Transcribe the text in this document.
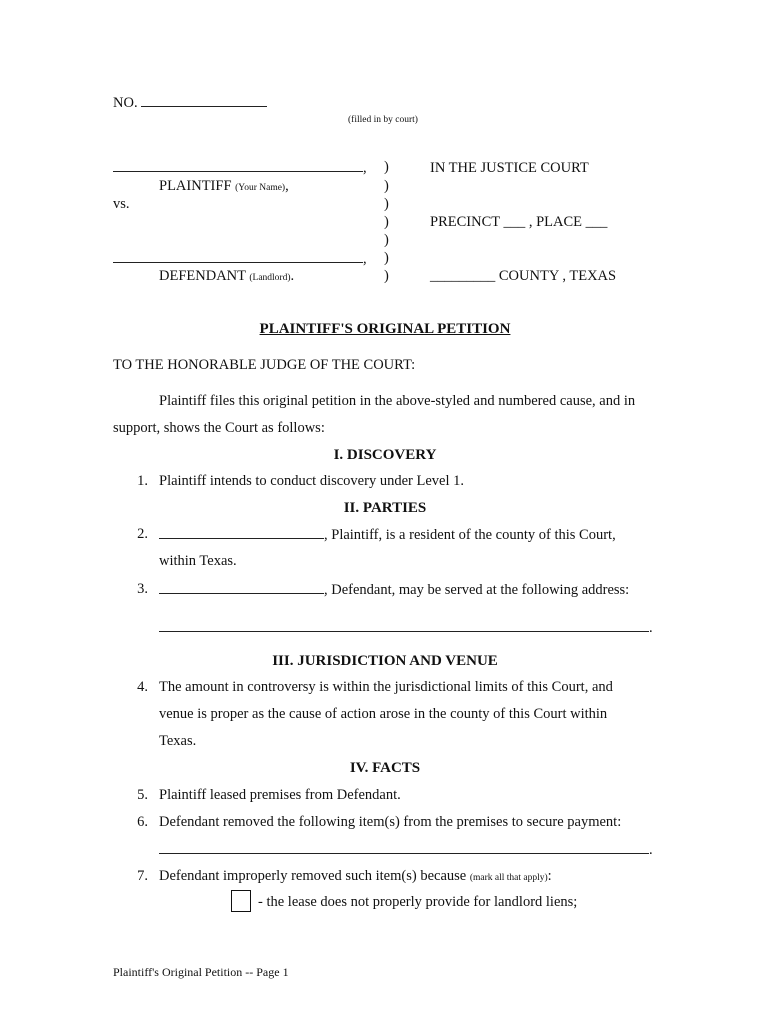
NO.
(filled in by court)
,
PLAINTIFF (Your Name),
vs.
,
DEFENDANT (Landlord).
)
)
)
)
)
)
)
IN THE JUSTICE COURT
PRECINCT ___ , PLACE ___
_________ COUNTY , TEXAS
PLAINTIFF'S ORIGINAL PETITION
TO THE HONORABLE JUDGE OF THE COURT:
Plaintiff files this original petition in the above-styled and numbered cause, and in
support, shows the Court as follows:
I. DISCOVERY
1. Plaintiff intends to conduct discovery under Level 1.
II. PARTIES
2.	, Plaintiff, is a resident of the county of this Court,
within Texas.
3.	, Defendant, may be served at the following address:
.
III. JURISDICTION AND VENUE
4. The amount in controversy is within the jurisdictional limits of this Court, and
venue is proper as the cause of action arose in the county of this Court within
Texas.
IV. FACTS
5. Plaintiff leased premises from Defendant.
6. Defendant removed the following item(s) from the premises to secure payment:
.
7. Defendant improperly removed such item(s) because (mark all that apply):
- the lease does not properly provide for landlord liens;
Plaintiff's Original Petition -- Page 1
